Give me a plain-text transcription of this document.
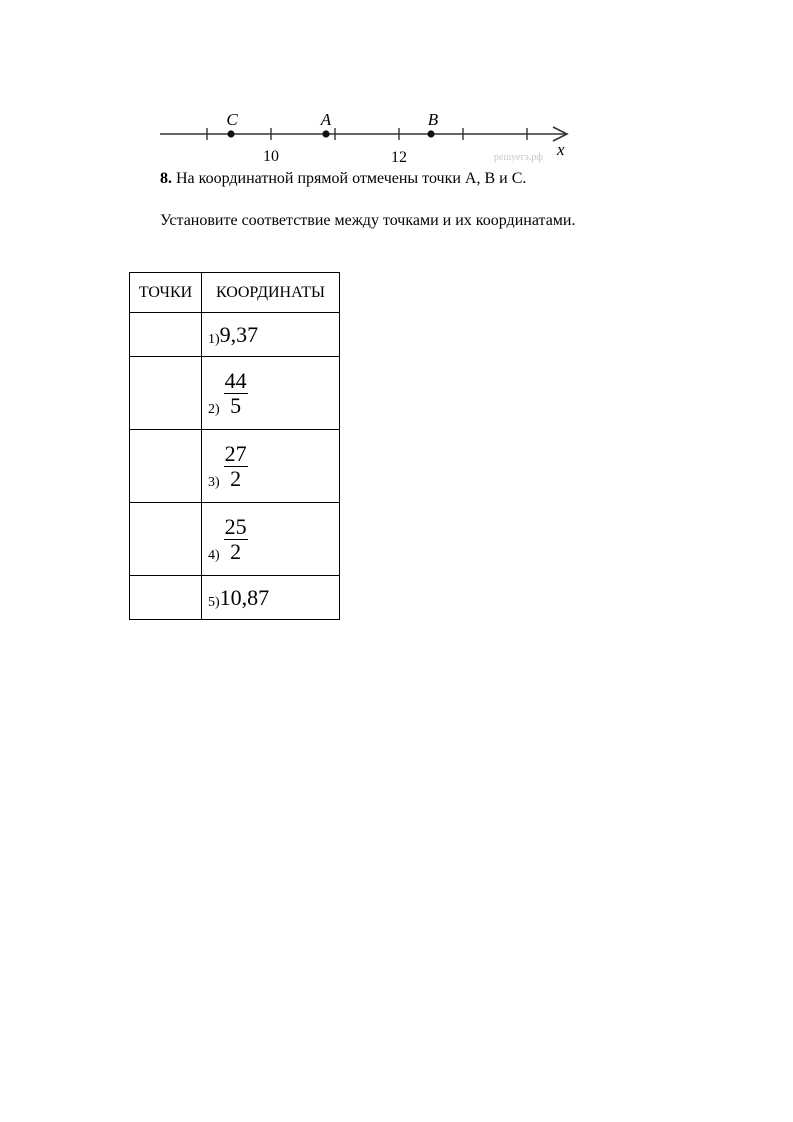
10	12
C	A	B
x
решуегэ.рф
8. На координатной прямой отмечены точки A, B и C.
Установите соответствие между точками и их координатами.
ТОЧКИ	КООРДИНАТЫ

	1) 9,37

	$2) \frac{44}{5}$

	$3) \frac{27}{2}$

	$4) \frac{25}{2}$

	5) 10,87
